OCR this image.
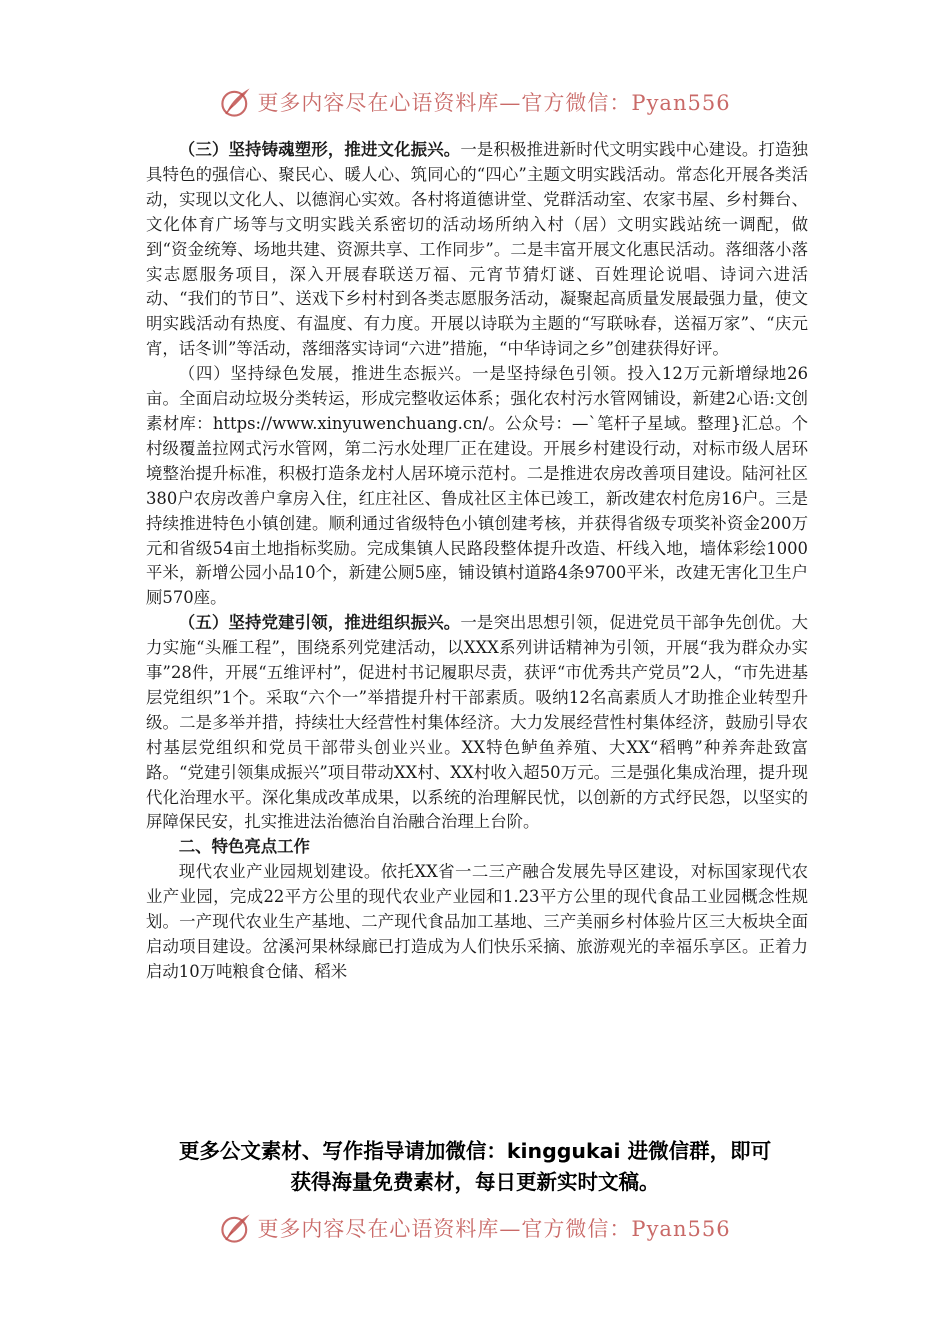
更多内容尽在心语资料库—官方微信：Pyan556

（三）坚持铸魂塑形，推进文化振兴。一是积极推进新时代文明实践中心建设。打造独具特色的强信心、聚民心、暖人心、筑同心的“四心”主题文明实践活动。常态化开展各类活动，实现以文化人、以德润心实效。各村将道德讲堂、党群活动室、农家书屋、乡村舞台、文化体育广场等与文明实践关系密切的活动场所纳入村（居）文明实践站统一调配，做到“资金统筹、场地共建、资源共享、工作同步”。二是丰富开展文化惠民活动。落细落小落实志愿服务项目，深入开展春联送万福、元宵节猜灯谜、百姓理论说唱、诗词六进活动、“我们的节日”、送戏下乡村村到各类志愿服务活动，凝聚起高质量发展最强力量，使文明实践活动有热度、有温度、有力度。开展以诗联为主题的“写联咏春，送福万家”、“庆元宵，话冬训”等活动，落细落实诗词“六进”措施，“中华诗词之乡”创建获得好评。

（四）坚持绿色发展，推进生态振兴。一是坚持绿色引领。投入12万元新增绿地26亩。全面启动垃圾分类转运，形成完整收运体系；强化农村污水管网铺设，新建2心语:文创素材库：https://www.xinyuwenchuang.cn/。公众号：—`笔杆子星域。整理}汇总。个村级覆盖拉网式污水管网，第二污水处理厂正在建设。开展乡村建设行动，对标市级人居环境整治提升标准，积极打造条龙村人居环境示范村。二是推进农房改善项目建设。陆河社区380户农房改善户拿房入住，红庄社区、鲁成社区主体已竣工，新改建农村危房16户。三是持续推进特色小镇创建。顺利通过省级特色小镇创建考核，并获得省级专项奖补资金200万元和省级54亩土地指标奖励。完成集镇人民路段整体提升改造、杆线入地，墙体彩绘1000平米，新增公园小品10个，新建公厕5座，铺设镇村道路4条9700平米，改建无害化卫生户厕570座。

（五）坚持党建引领，推进组织振兴。一是突出思想引领，促进党员干部争先创优。大力实施“头雁工程”，围绕系列党建活动，以XXX系列讲话精神为引领，开展“我为群众办实事”28件，开展“五维评村”，促进村书记履职尽责，获评“市优秀共产党员”2人，“市先进基层党组织”1个。采取“六个一”举措提升村干部素质。吸纳12名高素质人才助推企业转型升级。二是多举并措，持续壮大经营性村集体经济。大力发展经营性村集体经济，鼓励引导农村基层党组织和党员干部带头创业兴业。XX特色鲈鱼养殖、大XX“稻鸭”种养奔赴致富路。“党建引领集成振兴”项目带动XX村、XX村收入超50万元。三是强化集成治理，提升现代化治理水平。深化集成改革成果，以系统的治理解民忧，以创新的方式纾民怨，以坚实的屏障保民安，扎实推进法治德治自治融合治理上台阶。

二、特色亮点工作

现代农业产业园规划建设。依托XX省一二三产融合发展先导区建设，对标国家现代农业产业园，完成22平方公里的现代农业产业园和1.23平方公里的现代食品工业园概念性规划。一产现代农业生产基地、二产现代食品加工基地、三产美丽乡村体验片区三大板块全面启动项目建设。岔溪河果林绿廊已打造成为人们快乐采摘、旅游观光的幸福乐享区。正着力启动10万吨粮食仓储、稻米

更多公文素材、写作指导请加微信：kinggukai 进微信群，即可
获得海量免费素材，每日更新实时文稿。
更多内容尽在心语资料库—官方微信：Pyan556
